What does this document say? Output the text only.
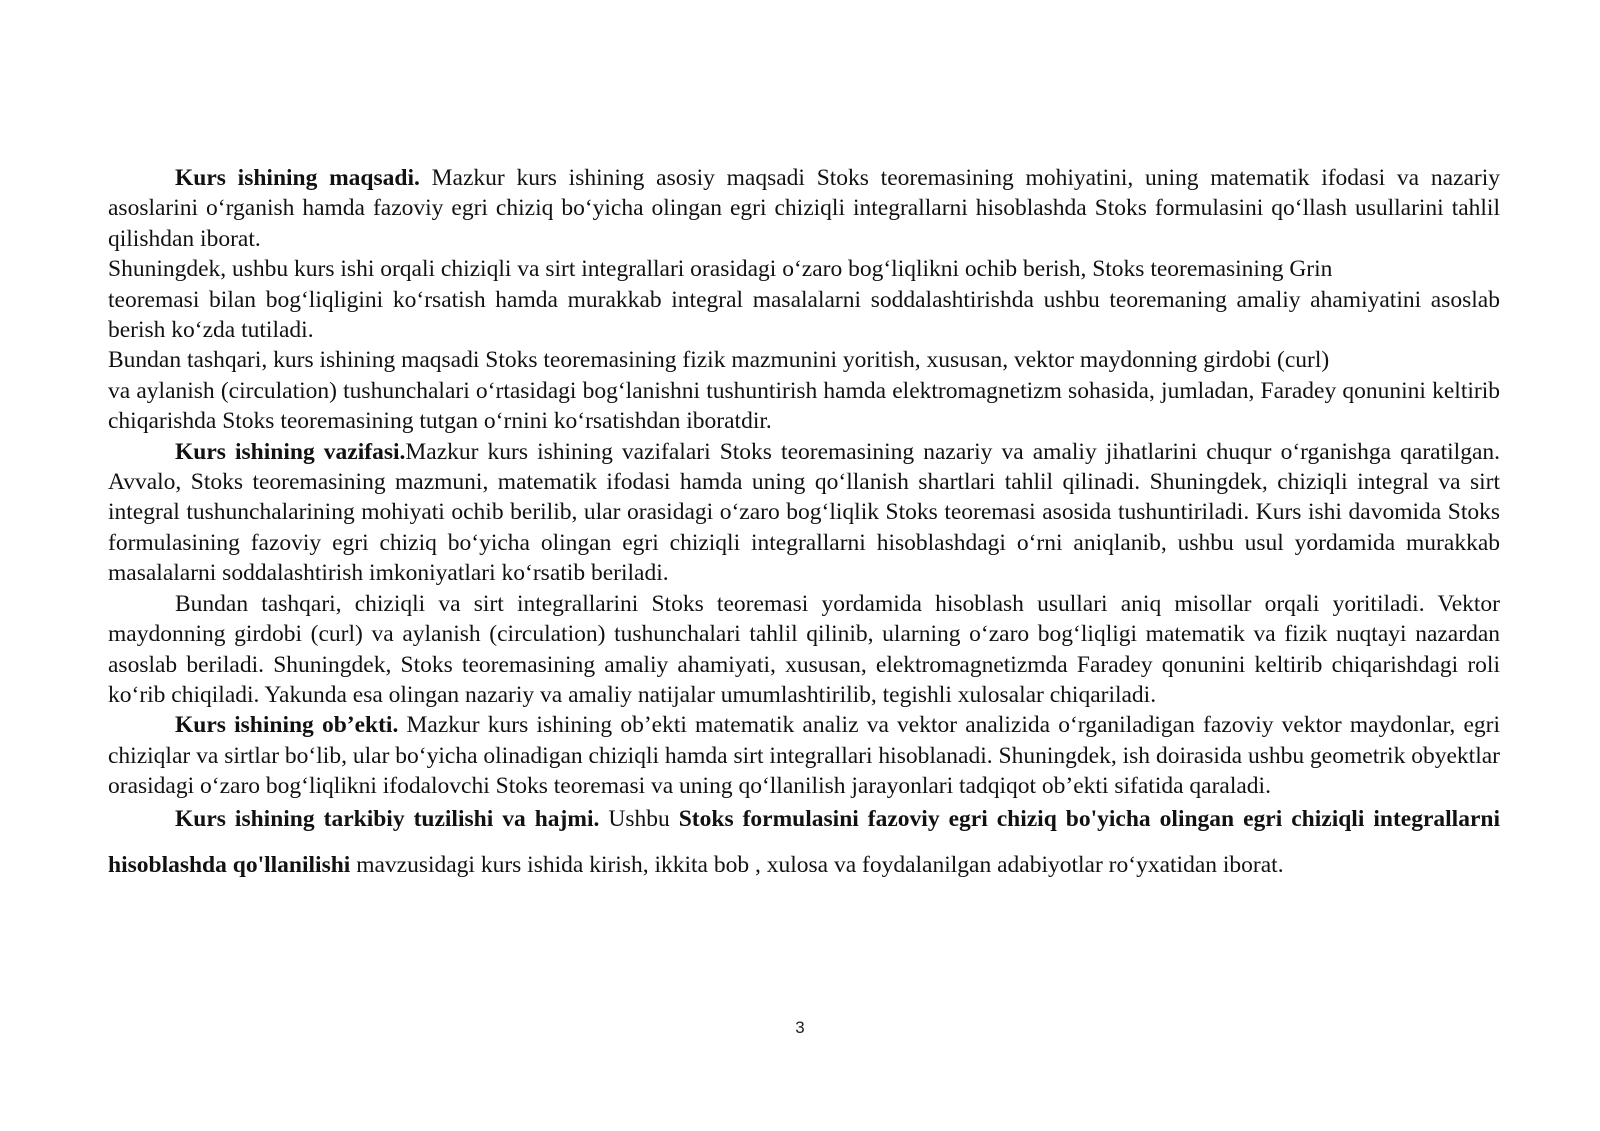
Kurs ishining maqsadi. Mazkur kurs ishining asosiy maqsadi Stoks teoremasining mohiyatini, uning matematik ifodasi va nazariy asoslarini o‘rganish hamda fazoviy egri chiziq bo‘yicha olingan egri chiziqli integrallarni hisoblashda Stoks formulasini qo‘llash usullarini tahlil qilishdan iborat.

Shuningdek, ushbu kurs ishi orqali chiziqli va sirt integrallari orasidagi o‘zaro bog‘liqlikni ochib berish, Stoks teoremasining Grin

teoremasi bilan bog‘liqligini ko‘rsatish hamda murakkab integral masalalarni soddalashtirishda ushbu teoremaning amaliy ahamiyatini asoslab berish ko‘zda tutiladi.

Bundan tashqari, kurs ishining maqsadi Stoks teoremasining fizik mazmunini yoritish, xususan, vektor maydonning girdobi (curl)

va aylanish (circulation) tushunchalari o‘rtasidagi bog‘lanishni tushuntirish hamda elektromagnetizm sohasida, jumladan, Faradey qonunini keltirib chiqarishda Stoks teoremasining tutgan o‘rnini ko‘rsatishdan iboratdir.

Kurs ishining vazifasi.Mazkur kurs ishining vazifalari Stoks teoremasining nazariy va amaliy jihatlarini chuqur o‘rganishga qaratilgan. Avvalo, Stoks teoremasining mazmuni, matematik ifodasi hamda uning qo‘llanish shartlari tahlil qilinadi. Shuningdek, chiziqli integral va sirt integral tushunchalarining mohiyati ochib berilib, ular orasidagi o‘zaro bog‘liqlik Stoks teoremasi asosida tushuntiriladi. Kurs ishi davomida Stoks formulasining fazoviy egri chiziq bo‘yicha olingan egri chiziqli integrallarni hisoblashdagi o‘rni aniqlanib, ushbu usul yordamida murakkab masalalarni soddalashtirish imkoniyatlari ko‘rsatib beriladi.

Bundan tashqari, chiziqli va sirt integrallarini Stoks teoremasi yordamida hisoblash usullari aniq misollar orqali yoritiladi. Vektor maydonning girdobi (curl) va aylanish (circulation) tushunchalari tahlil qilinib, ularning o‘zaro bog‘liqligi matematik va fizik nuqtayi nazardan asoslab beriladi. Shuningdek, Stoks teoremasining amaliy ahamiyati, xususan, elektromagnetizmda Faradey qonunini keltirib chiqarishdagi roli ko‘rib chiqiladi. Yakunda esa olingan nazariy va amaliy natijalar umumlashtirilib, tegishli xulosalar chiqariladi.

Kurs ishining ob’ekti. Mazkur kurs ishining ob’ekti matematik analiz va vektor analizida o‘rganiladigan fazoviy vektor maydonlar, egri chiziqlar va sirtlar bo‘lib, ular bo‘yicha olinadigan chiziqli hamda sirt integrallari hisoblanadi. Shuningdek, ish doirasida ushbu geometrik obyektlar orasidagi o‘zaro bog‘liqlikni ifodalovchi Stoks teoremasi va uning qo‘llanilish jarayonlari tadqiqot ob’ekti sifatida qaraladi.

Kurs ishining tarkibiy tuzilishi va hajmi. Ushbu Stoks formulasini fazoviy egri chiziq bo'yicha olingan egri chiziqli integrallarni hisoblashda qo'llanilishi mavzusidagi kurs ishida kirish, ikkita bob , xulosa va foydalanilgan adabiyotlar ro‘yxatidan iborat.

3
